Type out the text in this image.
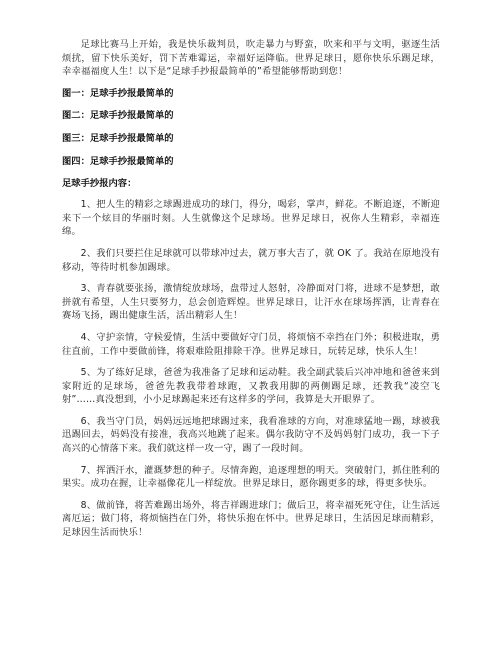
足球比赛马上开始，我是快乐裁判员，吹走暴力与野蛮，吹来和平与文明，驱逐生活烦扰，留下快乐美好，罚下苦难霉运，幸福好运降临。世界足球日，愿你快乐乐踢足球，幸幸福福度人生！以下是“足球手抄报最简单的”希望能够帮助到您！

图一：足球手抄报最简单的

图二：足球手抄报最简单的

图三：足球手抄报最简单的

图四：足球手抄报最简单的

足球手抄报内容：

1、把人生的精彩之球踢进成功的球门，得分，喝彩，掌声，鲜花。不断追逐，不断迎来下一个炫目的华丽时刻。人生就像这个足球场。世界足球日，祝你人生精彩，幸福连绵。

2、我们只要拦住足球就可以带球冲过去，就万事大吉了，就 OK 了。我站在原地没有移动，等待时机参加踢球。

3、青春就要张扬，激情绽放球场，盘带过人怒射，冷静面对门将，进球不是梦想，敢拼就有希望，人生只要努力，总会创造辉煌。世界足球日，让汗水在球场挥洒，让青春在赛场飞扬，踢出健康生活，活出精彩人生！

4、守护亲情，守候爱情，生活中要做好守门员，将烦恼不幸挡在门外；积极进取，勇往直前，工作中要做前锋，将艰难险阻排除干净。世界足球日，玩转足球，快乐人生！

5、为了练好足球，爸爸为我准备了足球和运动鞋。我全副武装后兴冲冲地和爸爸来到家附近的足球场，爸爸先教我带着球跑，又教我用脚的两侧踢足球，还教我“凌空飞射”……真没想到，小小足球踢起来还有这样多的学问，我算是大开眼界了。

6、我当守门员，妈妈远远地把球踢过来，我看准球的方向，对准球猛地一踢，球被我迅踢回去，妈妈没有接准，我高兴地跳了起来。偶尔我防守不及妈妈射门成功，我一下子高兴的心情落下来。我们就这样一攻一守，踢了一段时间。

7、挥洒汗水，灌溉梦想的种子。尽情奔跑，追逐理想的明天。突破射门，抓住胜利的果实。成功在握，让幸福像花儿一样绽放。世界足球日，愿你踢更多的球，得更多快乐。

8、做前锋，将苦难踢出场外，将吉祥踢进球门；做后卫，将幸福死死守住，让生活远离厄运；做门将，将烦恼挡在门外，将快乐抱在怀中。世界足球日，生活因足球而精彩，足球因生活而快乐！
